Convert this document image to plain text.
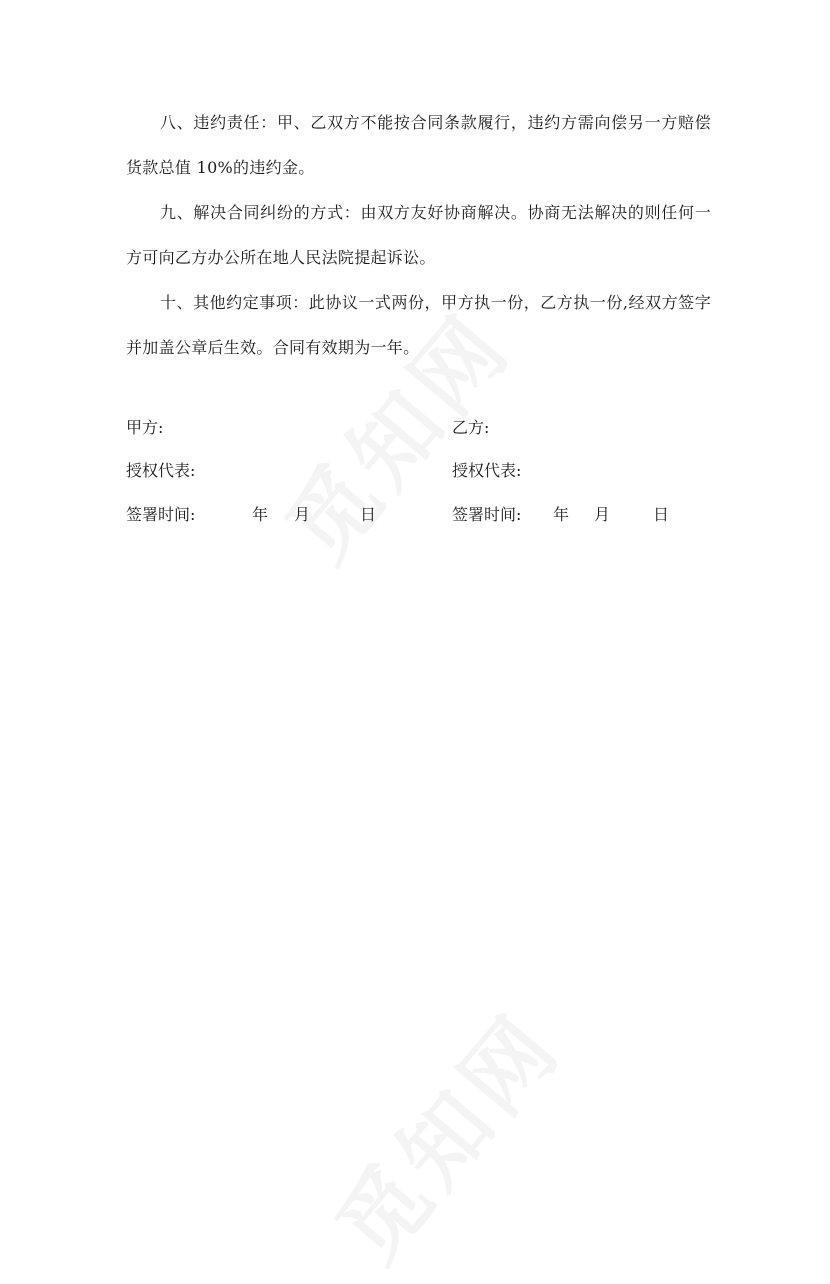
八、违约责任：甲、乙双方不能按合同条款履行，违约方需向偿另一方赔偿货款总值 10%的违约金。

九、解决合同纠纷的方式：由双方友好协商解决。协商无法解决的则任何一方可向乙方办公所在地人民法院提起诉讼。

十、其他约定事项：此协议一式两份，甲方执一份，乙方执一份,经双方签字并加盖公章后生效。合同有效期为一年。

甲方:
授权代表:
签署时间:	年 月	日
乙方:
授权代表:
签署时间: 年 月	日
